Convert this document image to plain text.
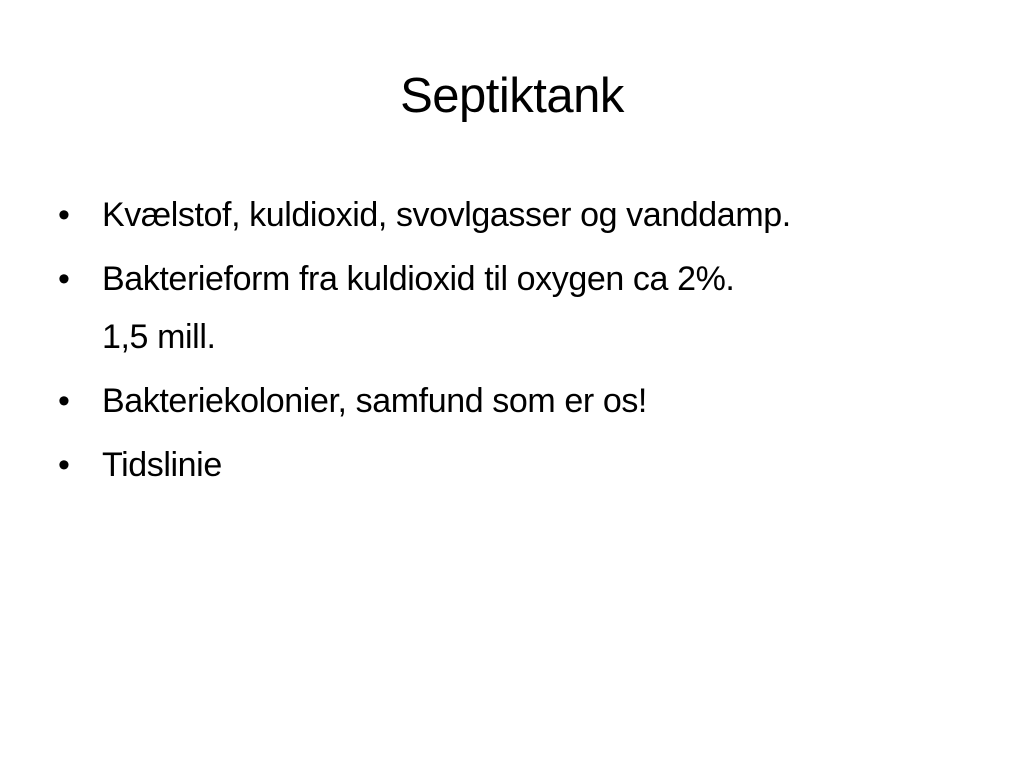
Septiktank
• Kvælstof, kuldioxid, svovlgasser og vanddamp.
• Bakterieform fra kuldioxid til oxygen ca 2%.
1,5 mill.
• Bakteriekolonier, samfund som er os!
• Tidslinie
